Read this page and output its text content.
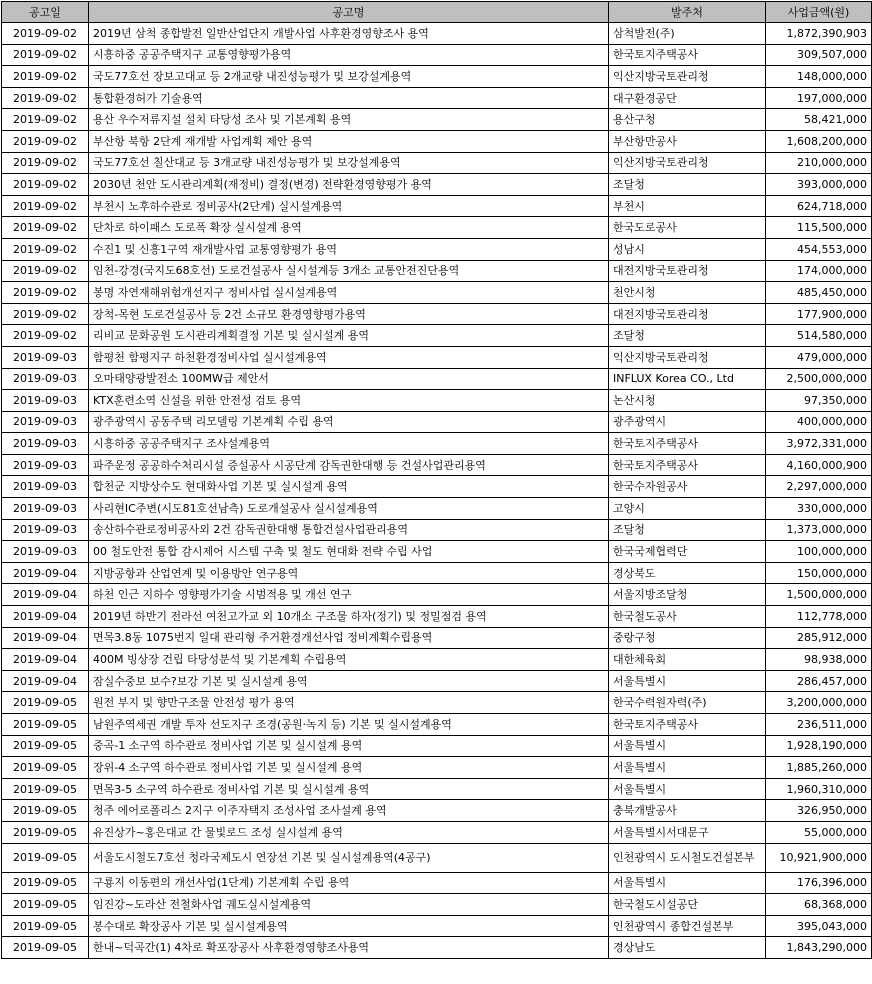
공고일	공고명	발주처	사업금액(원)
2019-09-02	2019년 삼척 종합발전 일반산업단지 개발사업 사후환경영향조사 용역	삼척발전(주)	1,872,390,903
2019-09-02	시흥하중 공공주택지구 교통영향평가용역	한국토지주택공사	309,507,000
2019-09-02	국도77호선 장보고대교 등 2개교량 내진성능평가 및 보강설계용역	익산지방국토관리청	148,000,000
2019-09-02	통합환경허가 기술용역	대구환경공단	197,000,000
2019-09-02	용산 우수저류지설 설치 타당성 조사 및 기본계획 용역	용산구청	58,421,000
2019-09-02	부산항 북항 2단계 재개발 사업계획 제안 용역	부산항만공사	1,608,200,000
2019-09-02	국도77호선 칠산대교 등 3개교량 내진성능평가 및 보강설계용역	익산지방국토관리청	210,000,000
2019-09-02	2030년 천안 도시관리계획(재정비) 결정(변경) 전략환경영향평가 용역	조달청	393,000,000
2019-09-02	부천시 노후하수관로 정비공사(2단계) 실시설계용역	부천시	624,718,000
2019-09-02	단차로 하이패스 도로폭 확장 실시설계 용역	한국도로공사	115,500,000
2019-09-02	수진1 및 신흥1구역 재개발사업 교통영향평가 용역	성남시	454,553,000
2019-09-02	임천-강경(국지도68호선) 도로건설공사 실시설계등 3개소 교통안전진단용역	대전지방국토관리청	174,000,000
2019-09-02	봉명 자연재해위험개선지구 정비사업 실시설계용역	천안시청	485,450,000
2019-09-02	장척-목현 도로건설공사 등 2건 소규모 환경영향평가용역	대전지방국토관리청	177,900,000
2019-09-02	리비교 문화공원 도시관리계획결정 기본 및 실시설계 용역	조달청	514,580,000
2019-09-03	함평천 함평지구 하천환경정비사업 실시설계용역	익산지방국토관리청	479,000,000
2019-09-03	오마태양광발전소 100MW급 제안서	INFLUX Korea CO., Ltd	2,500,000,000
2019-09-03	KTX훈련소역 신설을 위한 안전성 검토 용역	논산시청	97,350,000
2019-09-03	광주광역시 공동주택 리모델링 기본계획 수립 용역	광주광역시	400,000,000
2019-09-03	시흥하중 공공주택지구 조사설계용역	한국토지주택공사	3,972,331,000
2019-09-03	파주운정 공공하수처리시설 증설공사 시공단계 감독권한대행 등 건설사업관리용역	한국토지주택공사	4,160,000,900
2019-09-03	합천군 지방상수도 현대화사업 기본 및 실시설계 용역	한국수자원공사	2,297,000,000
2019-09-03	사리현IC주변(시도81호선남측) 도로개설공사 실시설계용역	고양시	330,000,000
2019-09-03	송산하수관로정비공사외 2건 감독권한대행 통합건설사업관리용역	조달청	1,373,000,000
2019-09-03	00 철도안전 통합 감시제어 시스템 구축 및 철도 현대화 전략 수립 사업	한국국제협력단	100,000,000
2019-09-04	지방공항과 산업연계 및 이용방안 연구용역	경상북도	150,000,000
2019-09-04	하천 인근 지하수 영향평가기술 시범적용 및 개선 연구	서울지방조달청	1,500,000,000
2019-09-04	2019년 하반기 전라선 여천고가교 외 10개소 구조물 하자(정기) 및 정밀점검 용역	한국철도공사	112,778,000
2019-09-04	면목3.8동 1075번지 일대 관리형 주거환경개선사업 정비계획수립용역	중랑구청	285,912,000
2019-09-04	400M 빙상장 건립 타당성분석 및 기본계획 수립용역	대한체육회	98,938,000
2019-09-04	잠실수중보 보수?보강 기본 및 실시설계 용역	서울특별시	286,457,000
2019-09-05	원전 부지 및 향만구조물 안전성 평가 용역	한국수력원자력(주)	3,200,000,000
2019-09-05	남원주역세권 개발 투자 선도지구 조경(공원·녹지 등) 기본 및 실시설계용역	한국토지주택공사	236,511,000
2019-09-05	중곡-1 소구역 하수관로 정비사업 기본 및 실시설계 용역	서울특별시	1,928,190,000
2019-09-05	장위-4 소구역 하수관로 정비사업 기본 및 실시설계 용역	서울특별시	1,885,260,000
2019-09-05	면목3-5 소구역 하수관로 정비사업 기본 및 실시설계 용역	서울특별시	1,960,310,000
2019-09-05	청주 에어로폴리스 2지구 이주자택지 조성사업 조사설계 용역	충북개발공사	326,950,000
2019-09-05	유진상가~홍은대교 간 물빛로드 조성 실시설계 용역	서울특별시서대문구	55,000,000
2019-09-05	서울도시철도7호선 청라국제도시 연장선 기본 및 실시설계용역(4공구)	인천광역시 도시철도건설본부	10,921,900,000
2019-09-05	구룡지 이동편의 개선사업(1단계) 기본계획 수립 용역	서울특별시	176,396,000
2019-09-05	임진강~도라산 전철화사업 궤도실시설계용역	한국철도시설공단	68,368,000
2019-09-05	봉수대로 확장공사 기본 및 실시설계용역	인천광역시 종합건설본부	395,043,000
2019-09-05	한내~덕곡간(1) 4차로 확포장공사 사후환경영향조사용역	경상남도	1,843,290,000
